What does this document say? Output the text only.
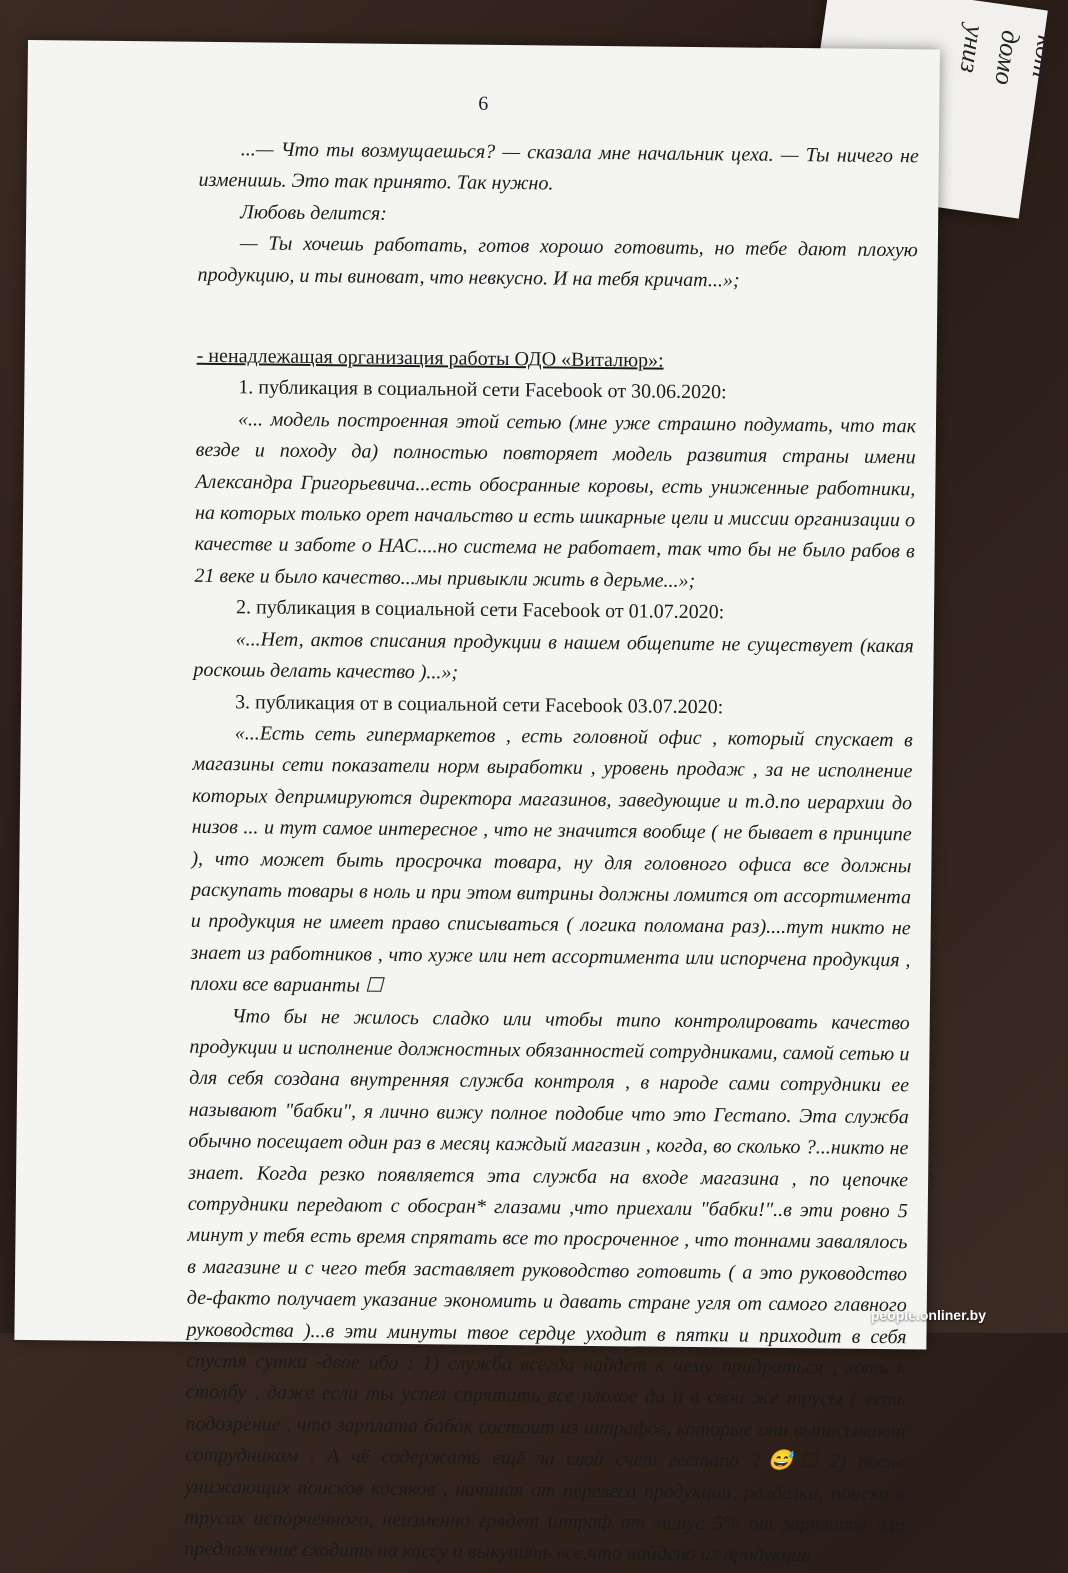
кот
домо
униз
6

...— Что ты возмущаешься? — сказала мне начальник цеха. — Ты ничего не изменишь. Это так принято. Так нужно.

Любовь делится:

— Ты хочешь работать, готов хорошо готовить, но тебе дают плохую продукцию, и ты виноват, что невкусно. И на тебя кричат...»;

- ненадлежащая организация работы ОДО «Виталюр»:

1. публикация в социальной сети Facebook от 30.06.2020:

«... модель построенная этой сетью (мне уже страшно подумать, что так везде и походу да) полностью повторяет модель развития страны имени Александра Григорьевича...есть обосранные коровы, есть униженные работники, на которых только орет начальство и есть шикарные цели и миссии организации о качестве и заботе о НАС....но система не работает, так что бы не было рабов в 21 веке и было качество...мы привыкли жить в дерьме...»;

2. публикация в социальной сети Facebook от 01.07.2020:

«...Нет, актов списания продукции в нашем общепите не существует (какая роскошь делать качество )...»;

3. публикация от в социальной сети Facebook 03.07.2020:

«...Есть сеть гипермаркетов , есть головной офис , который спускает в магазины сети показатели норм выработки , уровень продаж , за не исполнение которых депримируются директора магазинов, заведующие и т.д.по иерархии до низов ... и тут самое интересное , что не значится вообще ( не бывает в принципе ), что может быть просрочка товара, ну для головного офиса все должны раскупать товары в ноль и при этом витрины должны ломится от ассортимента и продукция не имеет право списываться ( логика поломана раз)....тут никто не знает из работников , что хуже или нет ассортимента или испорчена продукция , плохи все варианты ☐

Что бы не жилось сладко или чтобы типо контролировать качество продукции и исполнение должностных обязанностей сотрудниками, самой сетью и для себя создана внутренняя служба контроля , в народе сами сотрудники ее называют "бабки", я лично вижу полное подобие что это Гестапо. Эта служба обычно посещает один раз в месяц каждый магазин , когда, во сколько ?...никто не знает. Когда резко появляется эта служба на входе магазина , по цепочке сотрудники передают с обосран* глазами ,что приехали "бабки!"..в эти ровно 5 минут у тебя есть время спрятать все то просроченное , что тоннами завалялось в магазине и с чего тебя заставляет руководство готовить ( а это руководство де-факто получает указание экономить и давать стране угля от самого главного руководства )...в эти минуты твое сердце уходит в пятки и приходит в себя спустя сутки -двое ибо : 1) служба всегда найдет к чему придраться , хоть к столбу , даже если ты успел спрятать все плохое да и в свои же трусы ( есть подозрение , что зарплата бабок состоит из штрафов, которые они выписывают сотрудникам . А чё содержать ещё за свой счёт гестапо ?😅☐ 2) после унижающих поисков косяков , начиная от перевеса продукции, разделки, поиска в трусах испорченного, неизменно грядет штраф от минус 5% от зарплаты или предложение сходить на кассу и выкупить все,что найдено из продукции ,

people.onliner.by
